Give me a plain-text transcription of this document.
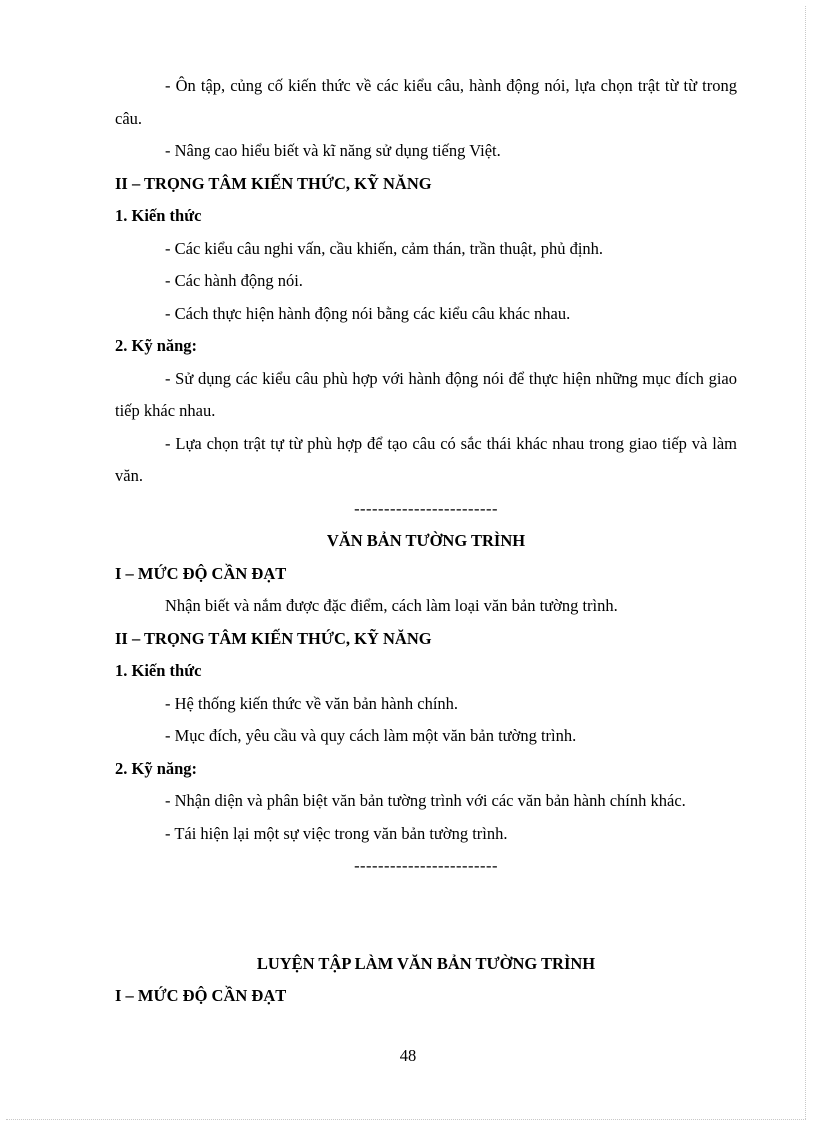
- Ôn tập, củng cố kiến thức về các kiểu câu, hành động nói, lựa chọn trật từ từ trong câu.

- Nâng cao hiểu biết và kĩ năng sử dụng tiếng Việt.

II – TRỌNG TÂM KIẾN THỨC, KỸ NĂNG

1. Kiến thức

- Các kiểu câu nghi vấn, cầu khiến, cảm thán, trần thuật, phủ định.

- Các hành động nói.

- Cách thực hiện hành động nói bằng các kiểu câu khác nhau.

2. Kỹ năng:

- Sử dụng các kiểu câu phù hợp với hành động nói để thực hiện những mục đích giao tiếp khác nhau.

- Lựa chọn trật tự từ phù hợp để tạo câu có sắc thái khác nhau trong giao tiếp và làm văn.

------------------------

VĂN BẢN TƯỜNG TRÌNH

I – MỨC ĐỘ CẦN ĐẠT

Nhận biết và nắm được đặc điểm, cách làm loại văn bản tường trình.

II – TRỌNG TÂM KIẾN THỨC, KỸ NĂNG

1. Kiến thức

- Hệ thống kiến thức về văn bản hành chính.

- Mục đích, yêu cầu và quy cách làm một văn bản tường trình.

2. Kỹ năng:

- Nhận diện và phân biệt văn bản tường trình với các văn bản hành chính khác.

- Tái hiện lại một sự việc trong văn bản tường trình.

------------------------

LUYỆN TẬP LÀM VĂN BẢN TƯỜNG TRÌNH

I – MỨC ĐỘ CẦN ĐẠT

48
